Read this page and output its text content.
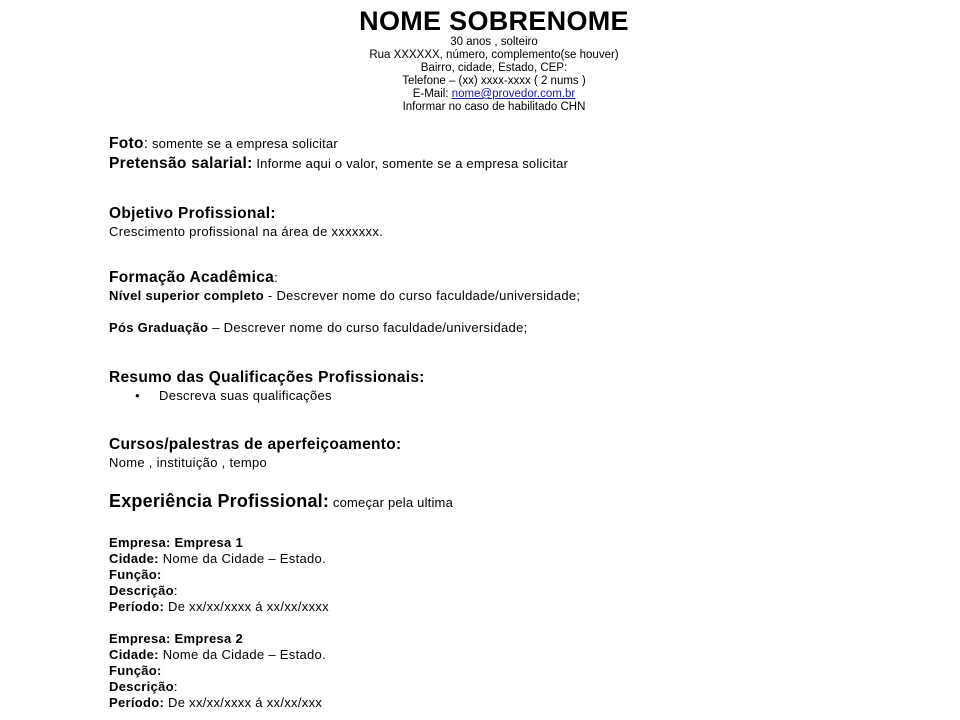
NOME SOBRENOME
30 anos , solteiro
Rua XXXXXX, número, complemento(se houver)
Bairro, cidade, Estado, CEP:
Telefone – (xx) xxxx-xxxx ( 2 nums )
E-Mail: nome@provedor.com.br
Informar no caso de habilitado CHN
Foto: somente se a empresa solicitar
Pretensão salarial: Informe aqui o valor, somente se a empresa solicitar
Objetivo Profissional:
Crescimento profissional na área de xxxxxxx.
Formação Acadêmica:
Nível superior completo - Descrever nome do curso faculdade/universidade;
Pós Graduação – Descrever nome do curso faculdade/universidade;
Resumo das Qualificações Profissionais:
● Descreva suas qualificações
Cursos/palestras de aperfeiçoamento:
Nome , instituição , tempo
Experiência Profissional: começar pela ultima
Empresa: Empresa 1
Cidade: Nome da Cidade – Estado.
Função:
Descrição:
Período: De xx/xx/xxxx á xx/xx/xxxx
Empresa: Empresa 2
Cidade: Nome da Cidade – Estado.
Função:
Descrição:
Período: De xx/xx/xxxx á xx/xx/xxx
